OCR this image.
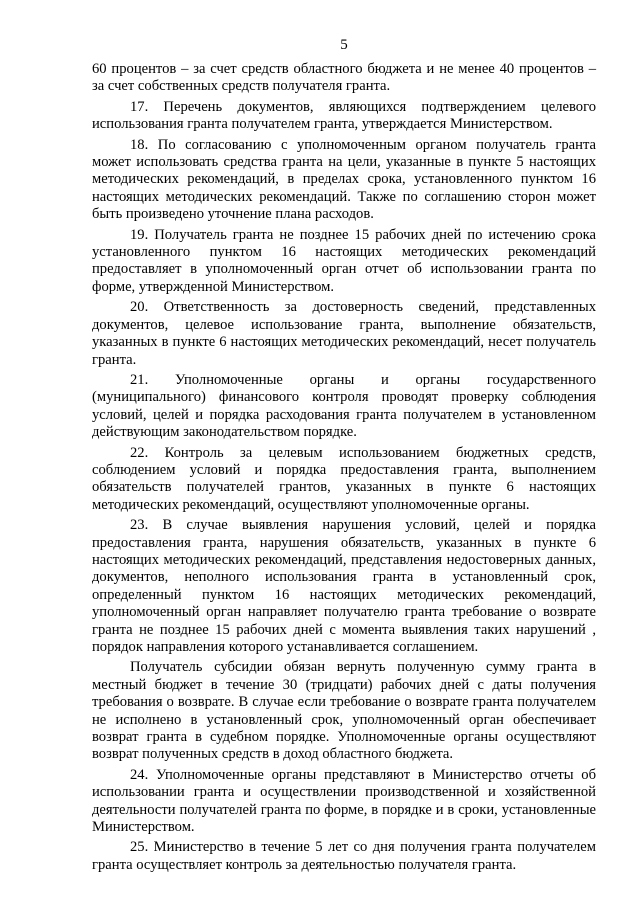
5

60 процентов – за счет средств областного бюджета и не менее 40 процентов – за счет собственных средств получателя гранта.

17. Перечень документов, являющихся подтверждением целевого использования гранта получателем гранта, утверждается Министерством.

18. По согласованию с уполномоченным органом получатель гранта может использовать средства гранта на цели, указанные в пункте 5 настоящих методических рекомендаций, в пределах срока, установленного пунктом 16 настоящих методических рекомендаций. Также по соглашению сторон может быть произведено уточнение плана расходов.

19. Получатель гранта не позднее 15 рабочих дней по истечению срока установленного пунктом 16 настоящих методических рекомендаций предоставляет в уполномоченный орган отчет об использовании гранта по форме, утвержденной Министерством.

20. Ответственность за достоверность сведений, представленных документов, целевое использование гранта, выполнение обязательств, указанных в пункте 6 настоящих методических рекомендаций, несет получатель гранта.

21. Уполномоченные органы и органы государственного (муниципального) финансового контроля проводят проверку соблюдения условий, целей и порядка расходования гранта получателем в установленном действующим законодательством порядке.

22. Контроль за целевым использованием бюджетных средств, соблюдением условий и порядка предоставления гранта, выполнением обязательств получателей грантов, указанных в пункте 6 настоящих методических рекомендаций, осуществляют уполномоченные органы.

23. В случае выявления нарушения условий, целей и порядка предоставления гранта, нарушения обязательств, указанных в пункте 6 настоящих методических рекомендаций, представления недостоверных данных, документов, неполного использования гранта в установленный срок, определенный пунктом 16 настоящих методических рекомендаций, уполномоченный орган направляет получателю гранта требование о возврате гранта не позднее 15 рабочих дней с момента выявления таких нарушений , порядок направления которого устанавливается соглашением.

Получатель субсидии обязан вернуть полученную сумму гранта в местный бюджет в течение 30 (тридцати) рабочих дней с даты получения требования о возврате. В случае если требование о возврате гранта получателем не исполнено в установленный срок, уполномоченный орган обеспечивает возврат гранта в судебном порядке. Уполномоченные органы осуществляют возврат полученных средств в доход областного бюджета.

24. Уполномоченные органы представляют в Министерство отчеты об использовании гранта и осуществлении производственной и хозяйственной деятельности получателей гранта по форме, в порядке и в сроки, установленные Министерством.

25. Министерство в течение 5 лет со дня получения гранта получателем гранта осуществляет контроль за деятельностью получателя гранта.
